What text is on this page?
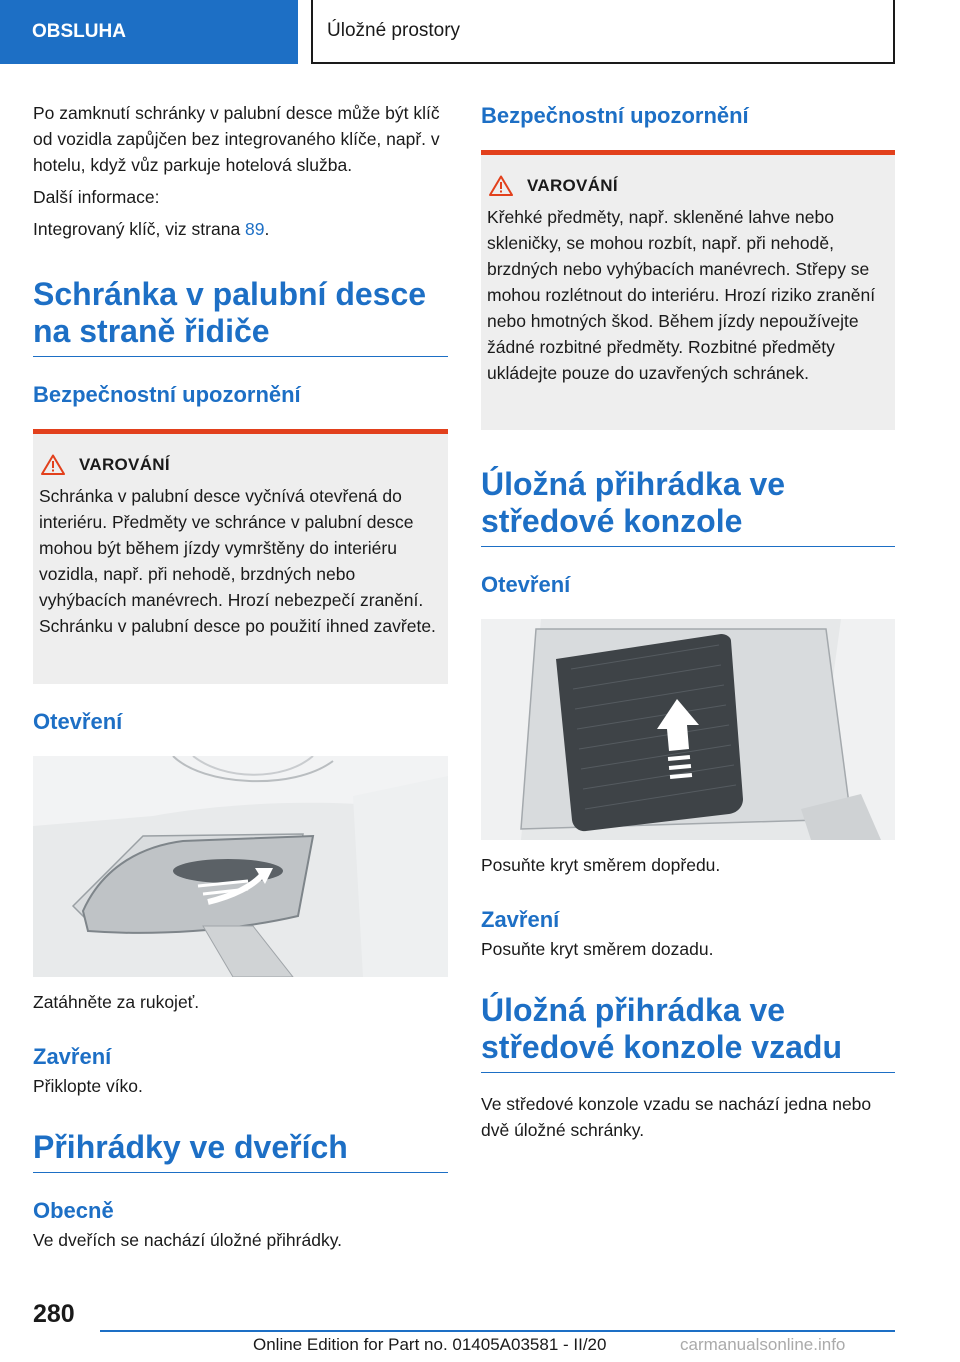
OBSLUHA	Úložné prostory

Po zamknutí schránky v palubní desce může být klíč od vozidla zapůjčen bez integrovaného klíče, např. v hotelu, když vůz parkuje hotelová služba.

Další informace:

Integrovaný klíč, viz strana 89.

Schránka v palubní desce na straně řidiče
Bezpečnostní upozornění
VAROVÁNÍ

Schránka v palubní desce vyčnívá otevřená do interiéru. Předměty ve schránce v palubní desce mohou být během jízdy vymrštěny do interiéru vozidla, např. při nehodě, brzdných nebo vyhýbacích manévrech. Hrozí nebezpečí zranění. Schránku v palubní desce po použití ihned zavřete.

Otevření

Zatáhněte za rukojeť.

Zavření

Přiklopte víko.

Přihrádky ve dveřích
Obecně

Ve dveřích se nachází úložné přihrádky.

Bezpečnostní upozornění
VAROVÁNÍ

Křehké předměty, např. skleněné lahve nebo skleničky, se mohou rozbít, např. při nehodě, brzdných nebo vyhýbacích manévrech. Střepy se mohou rozlétnout do interiéru. Hrozí riziko zranění nebo hmotných škod. Během jízdy nepoužívejte žádné rozbitné předměty. Rozbitné předměty ukládejte pouze do uzavřených schránek.

Úložná přihrádka ve středové konzole
Otevření

Posuňte kryt směrem dopředu.

Zavření

Posuňte kryt směrem dozadu.

Úložná přihrádka ve středové konzole vzadu

Ve středové konzole vzadu se nachází jedna nebo dvě úložné schránky.

280
Online Edition for Part no. 01405A03581 - II/20	carmanualsonline.info
